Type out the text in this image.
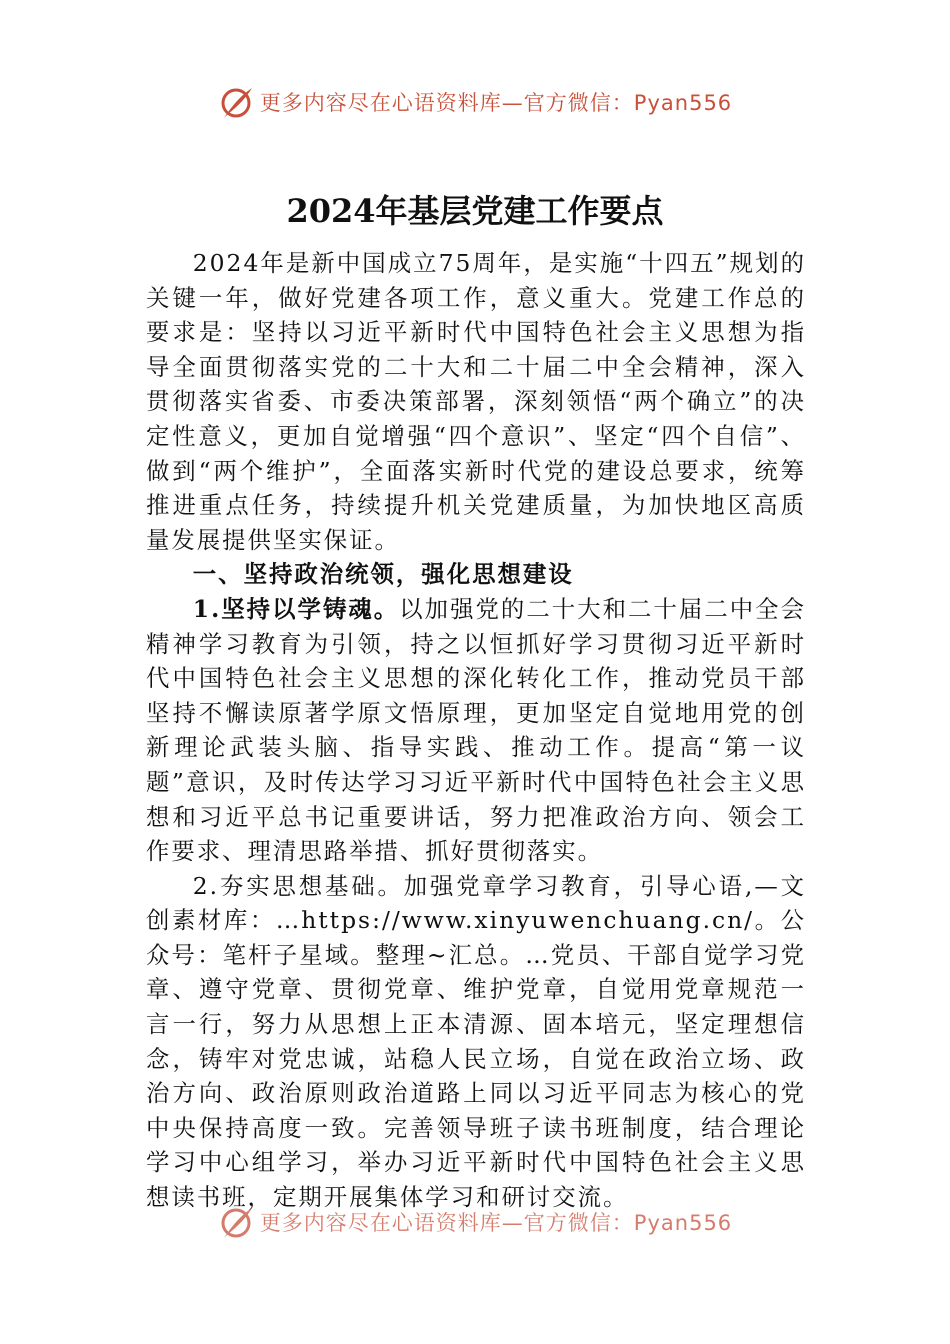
更多内容尽在心语资料库—官方微信：Pyan556
2024年基层党建工作要点

2024年是新中国成立75周年，是实施“十四五”规划的关键一年，做好党建各项工作，意义重大。党建工作总的要求是：坚持以习近平新时代中国特色社会主义思想为指导全面贯彻落实党的二十大和二十届二中全会精神，深入贯彻落实省委、市委决策部署，深刻领悟“两个确立”的决定性意义，更加自觉增强“四个意识”、坚定“四个自信”、做到“两个维护”，全面落实新时代党的建设总要求，统筹推进重点任务，持续提升机关党建质量，为加快地区高质量发展提供坚实保证。

一、坚持政治统领，强化思想建设

1.坚持以学铸魂。以加强党的二十大和二十届二中全会精神学习教育为引领，持之以恒抓好学习贯彻习近平新时代中国特色社会主义思想的深化转化工作，推动党员干部坚持不懈读原著学原文悟原理，更加坚定自觉地用党的创新理论武装头脑、指导实践、推动工作。提高“第一议题”意识，及时传达学习习近平新时代中国特色社会主义思想和习近平总书记重要讲话，努力把准政治方向、领会工作要求、理清思路举措、抓好贯彻落实。

2.夯实思想基础。加强党章学习教育，引导心语,—文创素材库：…https://www.xinyuwenchuang.cn/。公众号：笔杆子星域。整理~汇总。…党员、干部自觉学习党章、遵守党章、贯彻党章、维护党章，自觉用党章规范一言一行，努力从思想上正本清源、固本培元，坚定理想信念，铸牢对党忠诚，站稳人民立场，自觉在政治立场、政治方向、政治原则政治道路上同以习近平同志为核心的党中央保持高度一致。完善领导班子读书班制度，结合理论学习中心组学习，举办习近平新时代中国特色社会主义思想读书班，定期开展集体学习和研讨交流。

更多内容尽在心语资料库—官方微信：Pyan556
